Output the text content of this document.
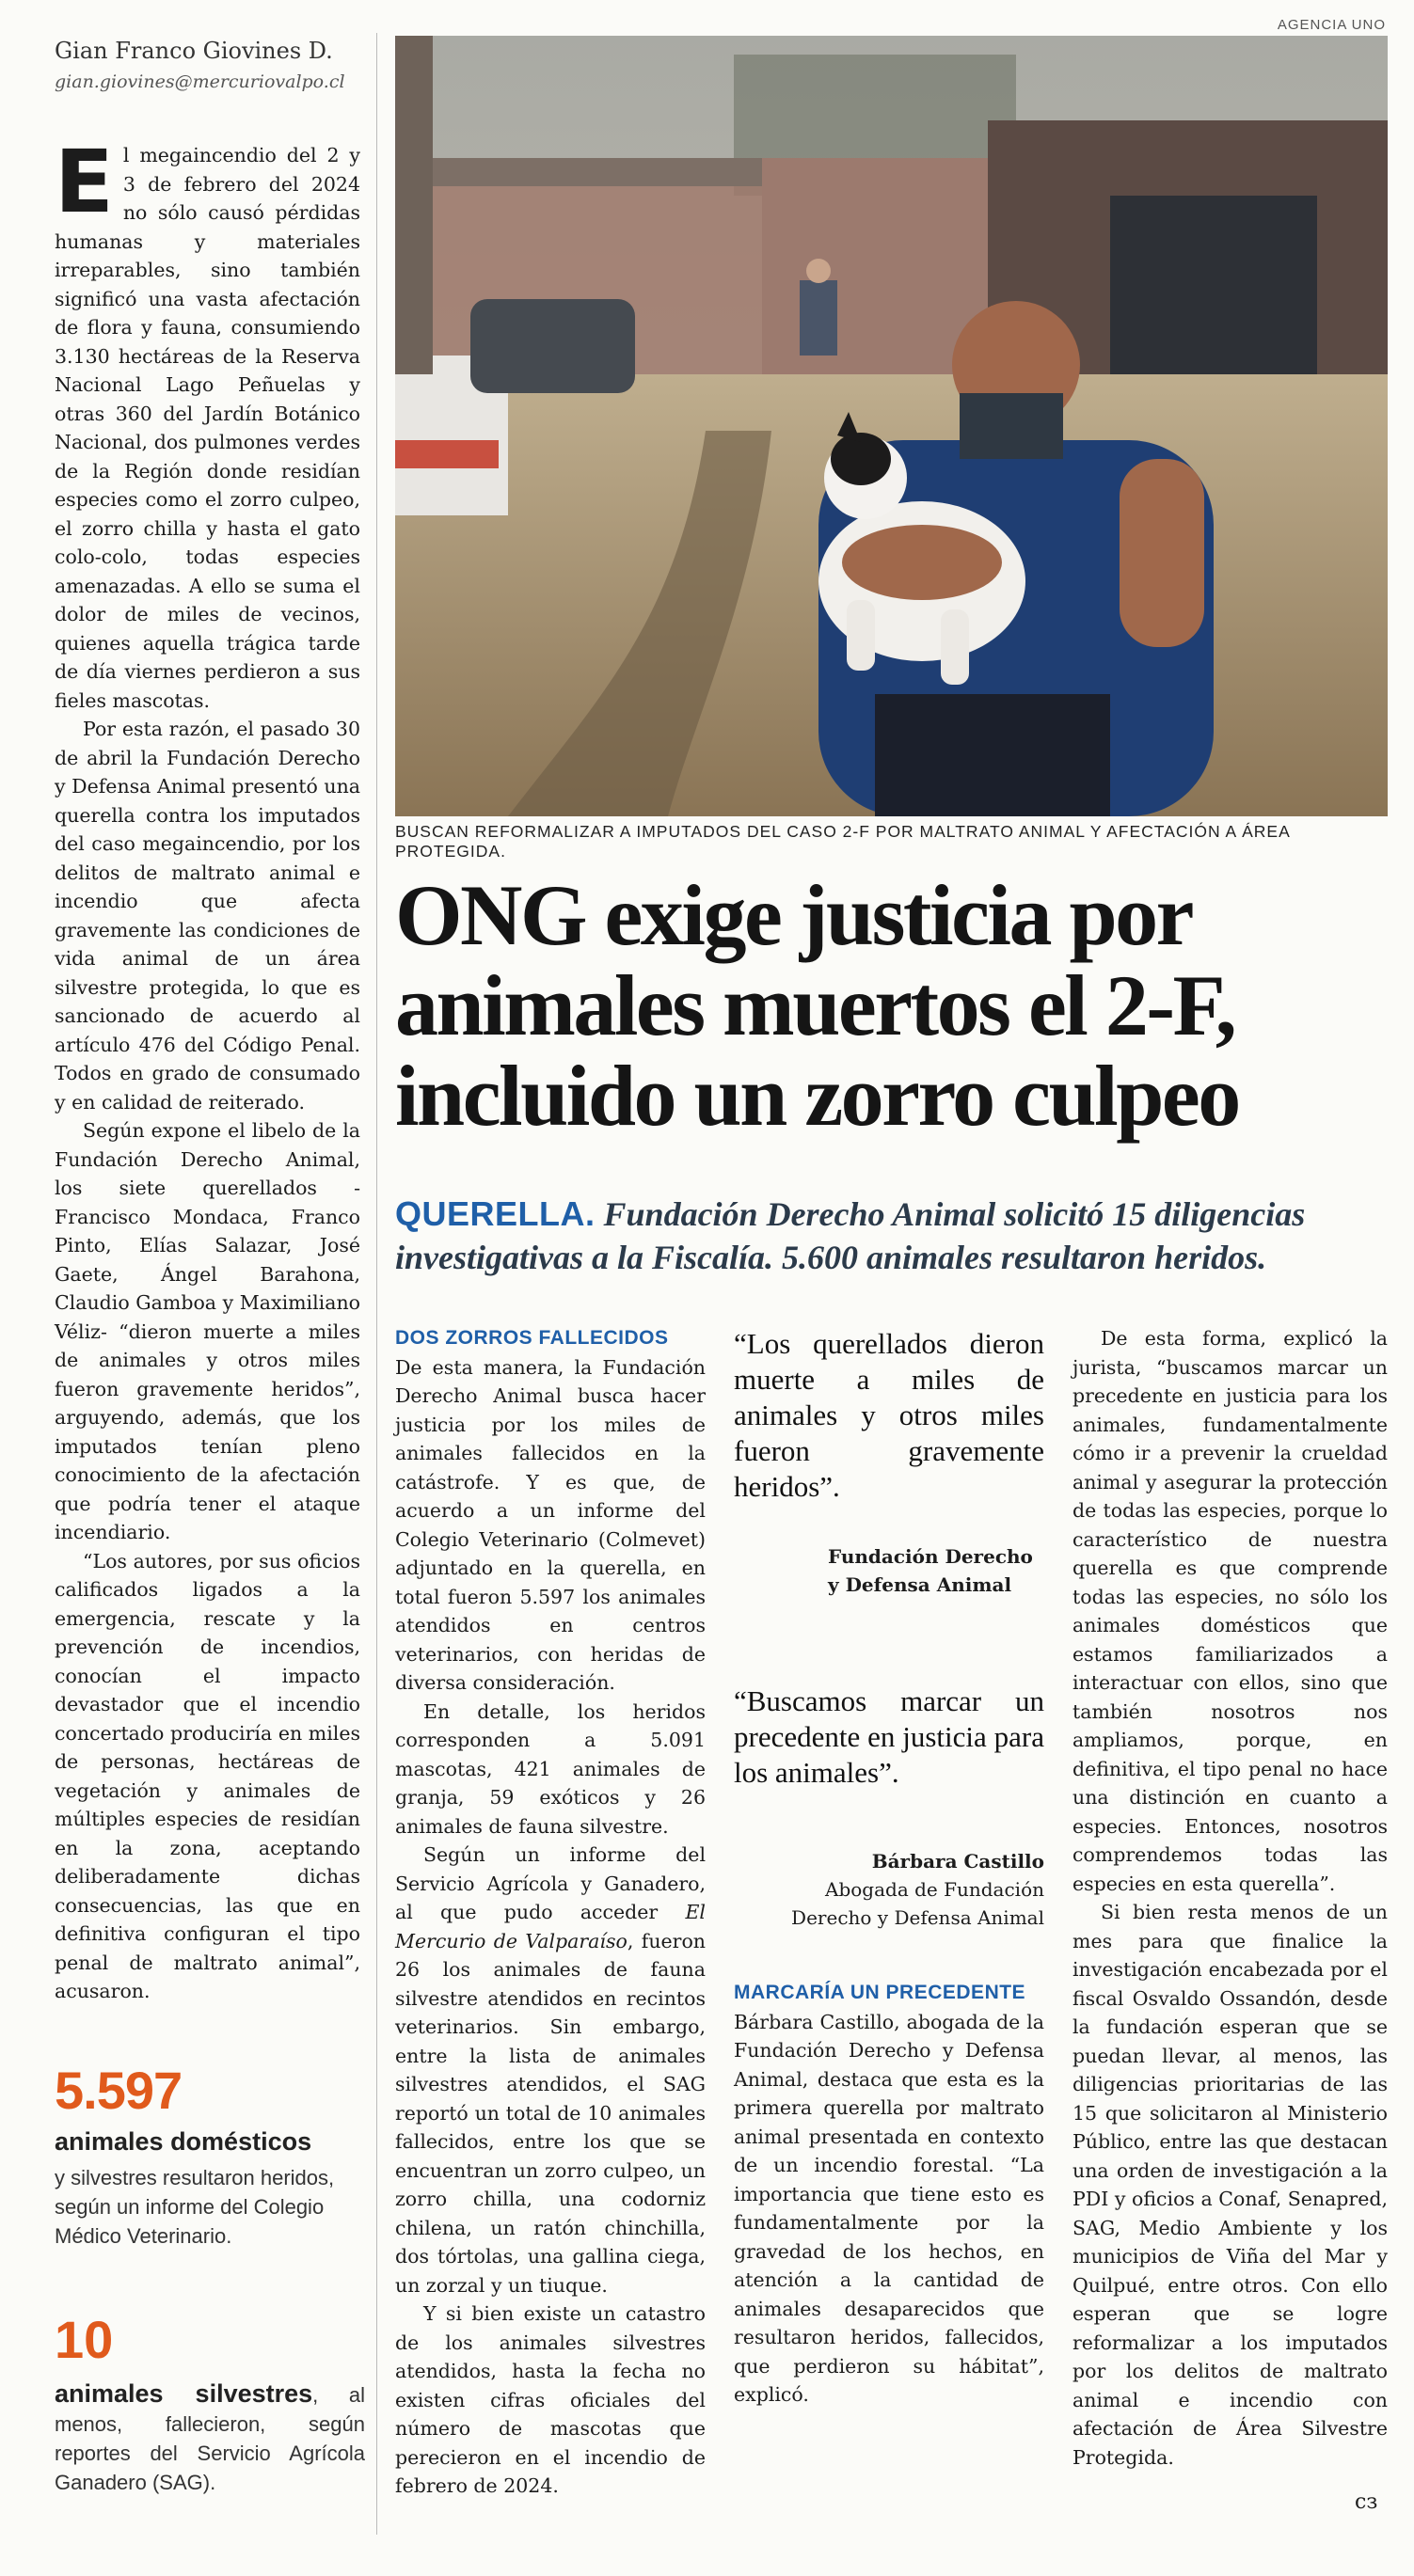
Gian Franco Giovines D.
gian.giovines@mercuriovalpo.cl

El megaincendio del 2 y 3 de febrero del 2024 no sólo causó pérdidas humanas y materiales irreparables, sino también significó una vasta afectación de flora y fauna, consumiendo 3.130 hectáreas de la Reserva Nacional Lago Peñuelas y otras 360 del Jardín Botánico Nacional, dos pulmones verdes de la Región donde residían especies como el zorro culpeo, el zorro chilla y hasta el gato colo-colo, todas especies amenazadas. A ello se suma el dolor de miles de vecinos, quienes aquella trágica tarde de día viernes perdieron a sus fieles mascotas.

Por esta razón, el pasado 30 de abril la Fundación Derecho y Defensa Animal presentó una querella contra los imputados del caso megaincendio, por los delitos de maltrato animal e incendio que afecta gravemente las condiciones de vida animal de un área silvestre protegida, lo que es sancionado de acuerdo al artículo 476 del Código Penal. Todos en grado de consumado y en calidad de reiterado.

Según expone el libelo de la Fundación Derecho Animal, los siete querellados -Francisco Mondaca, Franco Pinto, Elías Salazar, José Gaete, Ángel Barahona, Claudio Gamboa y Maximiliano Véliz- “dieron muerte a miles de animales y otros miles fueron gravemente heridos”, arguyendo, además, que los imputados tenían pleno conocimiento de la afectación que podría tener el ataque incendiario.

“Los autores, por sus oficios calificados ligados a la emergencia, rescate y la prevención de incendios, conocían el impacto devastador que el incendio concertado produciría en miles de personas, hectáreas de vegetación y animales de múltiples especies de residían en la zona, aceptando deliberadamente dichas consecuencias, las que en definitiva configuran el tipo penal de maltrato animal”, acusaron.

AGENCIA UNO
BUSCAN REFORMALIZAR A IMPUTADOS DEL CASO 2-F POR MALTRATO ANIMAL Y AFECTACIÓN A ÁREA PROTEGIDA.
ONG exige justicia por animales muertos el 2-F, incluido un zorro culpeo
QUERELLA. Fundación Derecho Animal solicitó 15 diligencias investigativas a la Fiscalía. 5.600 animales resultaron heridos.
DOS ZORROS FALLECIDOS

De esta manera, la Fundación Derecho Animal busca hacer justicia por los miles de animales fallecidos en la catástrofe. Y es que, de acuerdo a un informe del Colegio Veterinario (Colmevet) adjuntado en la querella, en total fueron 5.597 los animales atendidos en centros veterinarios, con heridas de diversa consideración.

En detalle, los heridos corresponden a 5.091 mascotas, 421 animales de granja, 59 exóticos y 26 animales de fauna silvestre.

Según un informe del Servicio Agrícola y Ganadero, al que pudo acceder El Mercurio de Valparaíso, fueron 26 los animales de fauna silvestre atendidos en recintos veterinarios. Sin embargo, entre la lista de animales silvestres atendidos, el SAG reportó un total de 10 animales fallecidos, entre los que se encuentran un zorro culpeo, un zorro chilla, una codorniz chilena, un ratón chinchilla, dos tórtolas, una gallina ciega, un zorzal y un tiuque.

Y si bien existe un catastro de los animales silvestres atendidos, hasta la fecha no existen cifras oficiales del número de mascotas que perecieron en el incendio de febrero de 2024.

“Los querellados dieron muerte a miles de animales y otros miles fueron gravemente heridos”.
Fundación Derecho y Defensa Animal
“Buscamos marcar un precedente en justicia para los animales”.
Bárbara Castillo
Abogada de Fundación Derecho y Defensa Animal
MARCARÍA UN PRECEDENTE

Bárbara Castillo, abogada de la Fundación Derecho y Defensa Animal, destaca que esta es la primera querella por maltrato animal presentada en contexto de un incendio forestal. “La importancia que tiene esto es fundamentalmente por la gravedad de los hechos, en atención a la cantidad de animales desaparecidos que resultaron heridos, fallecidos, que perdieron su hábitat”, explicó.

De esta forma, explicó la jurista, “buscamos marcar un precedente en justicia para los animales, fundamentalmente cómo ir a prevenir la crueldad animal y asegurar la protección de todas las especies, porque lo característico de nuestra querella es que comprende todas las especies, no sólo los animales domésticos que estamos familiarizados a interactuar con ellos, sino que también nosotros nos ampliamos, porque, en definitiva, el tipo penal no hace una distinción en cuanto a especies. Entonces, nosotros comprendemos todas las especies en esta querella”.

Si bien resta menos de un mes para que finalice la investigación encabezada por el fiscal Osvaldo Ossandón, desde la fundación esperan que se puedan llevar, al menos, las diligencias prioritarias de las 15 que solicitaron al Ministerio Público, entre las que destacan una orden de investigación a la PDI y oficios a Conaf, Senapred, SAG, Medio Ambiente y los municipios de Viña del Mar y Quilpué, entre otros. Con ello esperan que se logre reformalizar a los imputados por los delitos de maltrato animal e incendio con afectación de Área Silvestre Protegida.

cз
5.597
animales domésticos
y silvestres resultaron heridos, según un informe del Colegio Médico Veterinario.
10
animales silvestres, al menos, fallecieron, según reportes del Servicio Agrícola Ganadero (SAG).
